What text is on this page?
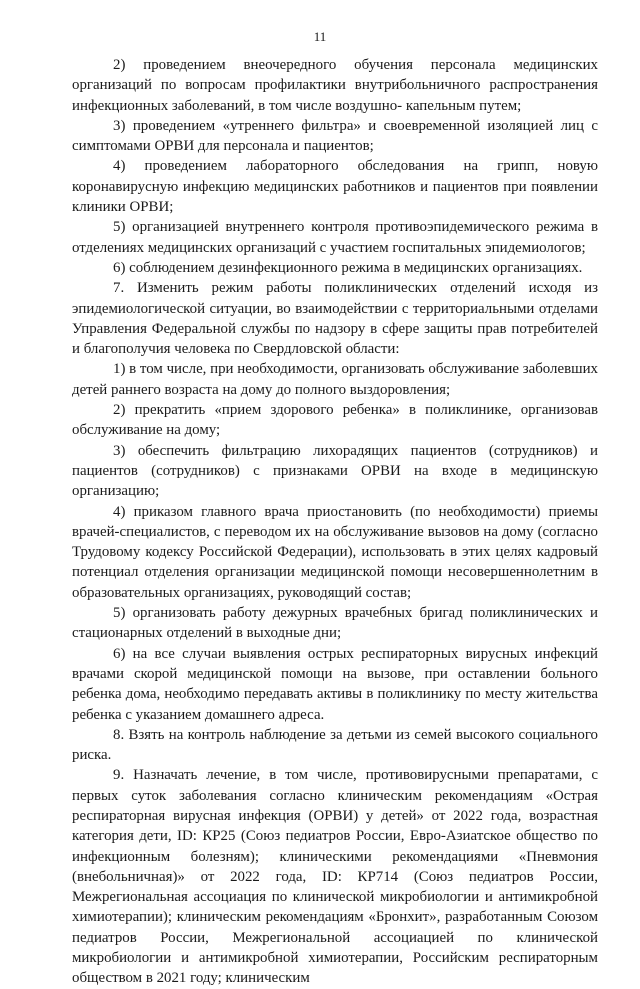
11

2) проведением внеочередного обучения персонала медицинских организаций по вопросам профилактики внутрибольничного распространения инфекционных заболеваний, в том числе воздушно- капельным путем;

3) проведением «утреннего фильтра» и своевременной изоляцией лиц с симптомами ОРВИ для персонала и пациентов;

4) проведением лабораторного обследования на грипп, новую коронавирусную инфекцию медицинских работников и пациентов при появлении клиники ОРВИ;

5) организацией внутреннего контроля противоэпидемического режима в отделениях медицинских организаций с участием госпитальных эпидемиологов;

6) соблюдением дезинфекционного режима в медицинских организациях.

7. Изменить режим работы поликлинических отделений исходя из эпидемиологической ситуации, во взаимодействии с территориальными отделами Управления Федеральной службы по надзору в сфере защиты прав потребителей и благополучия человека по Свердловской области:

1) в том числе, при необходимости, организовать обслуживание заболевших детей раннего возраста на дому до полного выздоровления;

2) прекратить «прием здорового ребенка» в поликлинике, организовав обслуживание на дому;

3) обеспечить фильтрацию лихорадящих пациентов (сотрудников) и пациентов (сотрудников) с признаками ОРВИ на входе в медицинскую организацию;

4) приказом главного врача приостановить (по необходимости) приемы врачей-специалистов, с переводом их на обслуживание вызовов на дому (согласно Трудовому кодексу Российской Федерации), использовать в этих целях кадровый потенциал отделения организации медицинской помощи несовершеннолетним в образовательных организациях, руководящий состав;

5) организовать работу дежурных врачебных бригад поликлинических и стационарных отделений в выходные дни;

6) на все случаи выявления острых респираторных вирусных инфекций врачами скорой медицинской помощи на вызове, при оставлении больного ребенка дома, необходимо передавать активы в поликлинику по месту жительства ребенка с указанием домашнего адреса.

8. Взять на контроль наблюдение за детьми из семей высокого социального риска.

9. Назначать лечение, в том числе, противовирусными препаратами, с первых суток заболевания согласно клиническим рекомендациям «Острая респираторная вирусная инфекция (ОРВИ) у детей» от 2022 года, возрастная категория дети, ID: КР25 (Союз педиатров России, Евро-Азиатское общество по инфекционным болезням); клиническими рекомендациями «Пневмония (внебольничная)» от 2022 года, ID: КР714 (Союз педиатров России, Межрегиональная ассоциация по клинической микробиологии и антимикробной химиотерапии); клиническим рекомендациям «Бронхит», разработанным Союзом педиатров России, Межрегиональной ассоциацией по клинической микробиологии и антимикробной химиотерапии, Российским респираторным обществом в 2021 году; клиническим
